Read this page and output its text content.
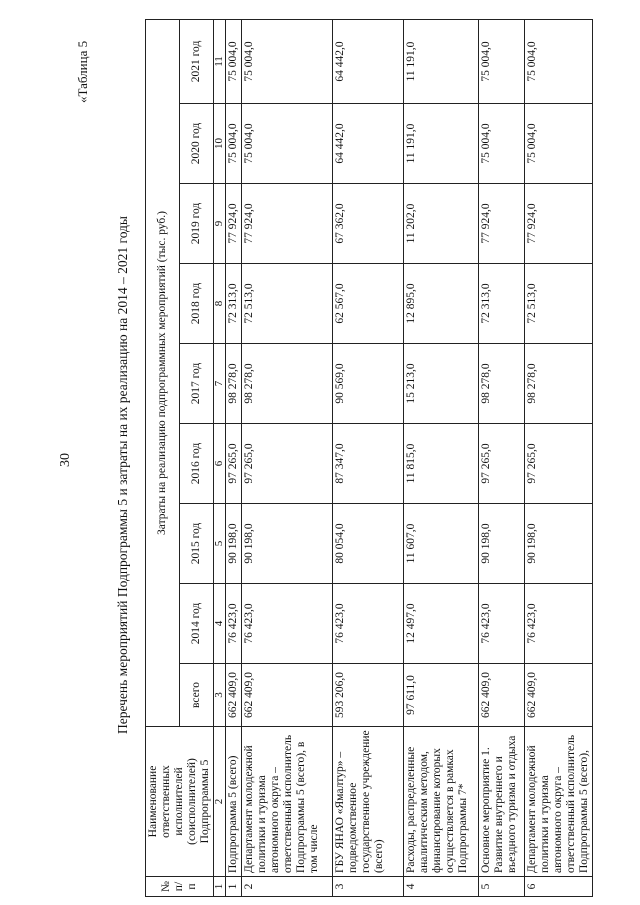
30
«Таблица 5
Перечень мероприятий Подпрограммы 5 и затраты на их реализацию на 2014 – 2021 годы
№ п/п	Наименование ответственных исполнителей (соисполнителей) Подпрограммы 5	Затраты на реализацию подпрограммных мероприятий (тыс. руб.)								
		всего	2014 год	2015 год	2016 год	2017 год	2018 год	2019 год	2020 год	2021 год
1	2	3	4	5	6	7	8	9	10	11
1	Подпрограмма 5 (всего)	662 409,0	76 423,0	90 198,0	97 265,0	98 278,0	72 313,0	77 924,0	75 004,0	75 004,0
2	Департамент молодежной политики и туризма автономного округа – ответственный исполнитель Подпрограммы 5 (всего), в том числе	662 409,0	76 423,0	90 198,0	97 265,0	98 278,0	72 513,0	77 924,0	75 004,0	75 004,0
3	ГБУ ЯНАО «Ямалтур» – подведомственное государственное учреждение (всего)	593 206,0	76 423,0	80 054,0	87 347,0	90 569,0	62 567,0	67 362,0	64 442,0	64 442,0
4	Расходы, распределенные аналитическим методом, финансирование которых осуществляется в рамках Подпрограммы 7*	97 611,0	12 497,0	11 607,0	11 815,0	15 213,0	12 895,0	11 202,0	11 191,0	11 191,0
5	Основное мероприятие 1. Развитие внутреннего и въездного туризма и отдыха	662 409,0	76 423,0	90 198,0	97 265,0	98 278,0	72 313,0	77 924,0	75 004,0	75 004,0
6	Департамент молодежной политики и туризма автономного округа – ответственный исполнитель Подпрограммы 5 (всего),	662 409,0	76 423,0	90 198,0	97 265,0	98 278,0	72 513,0	77 924,0	75 004,0	75 004,0
